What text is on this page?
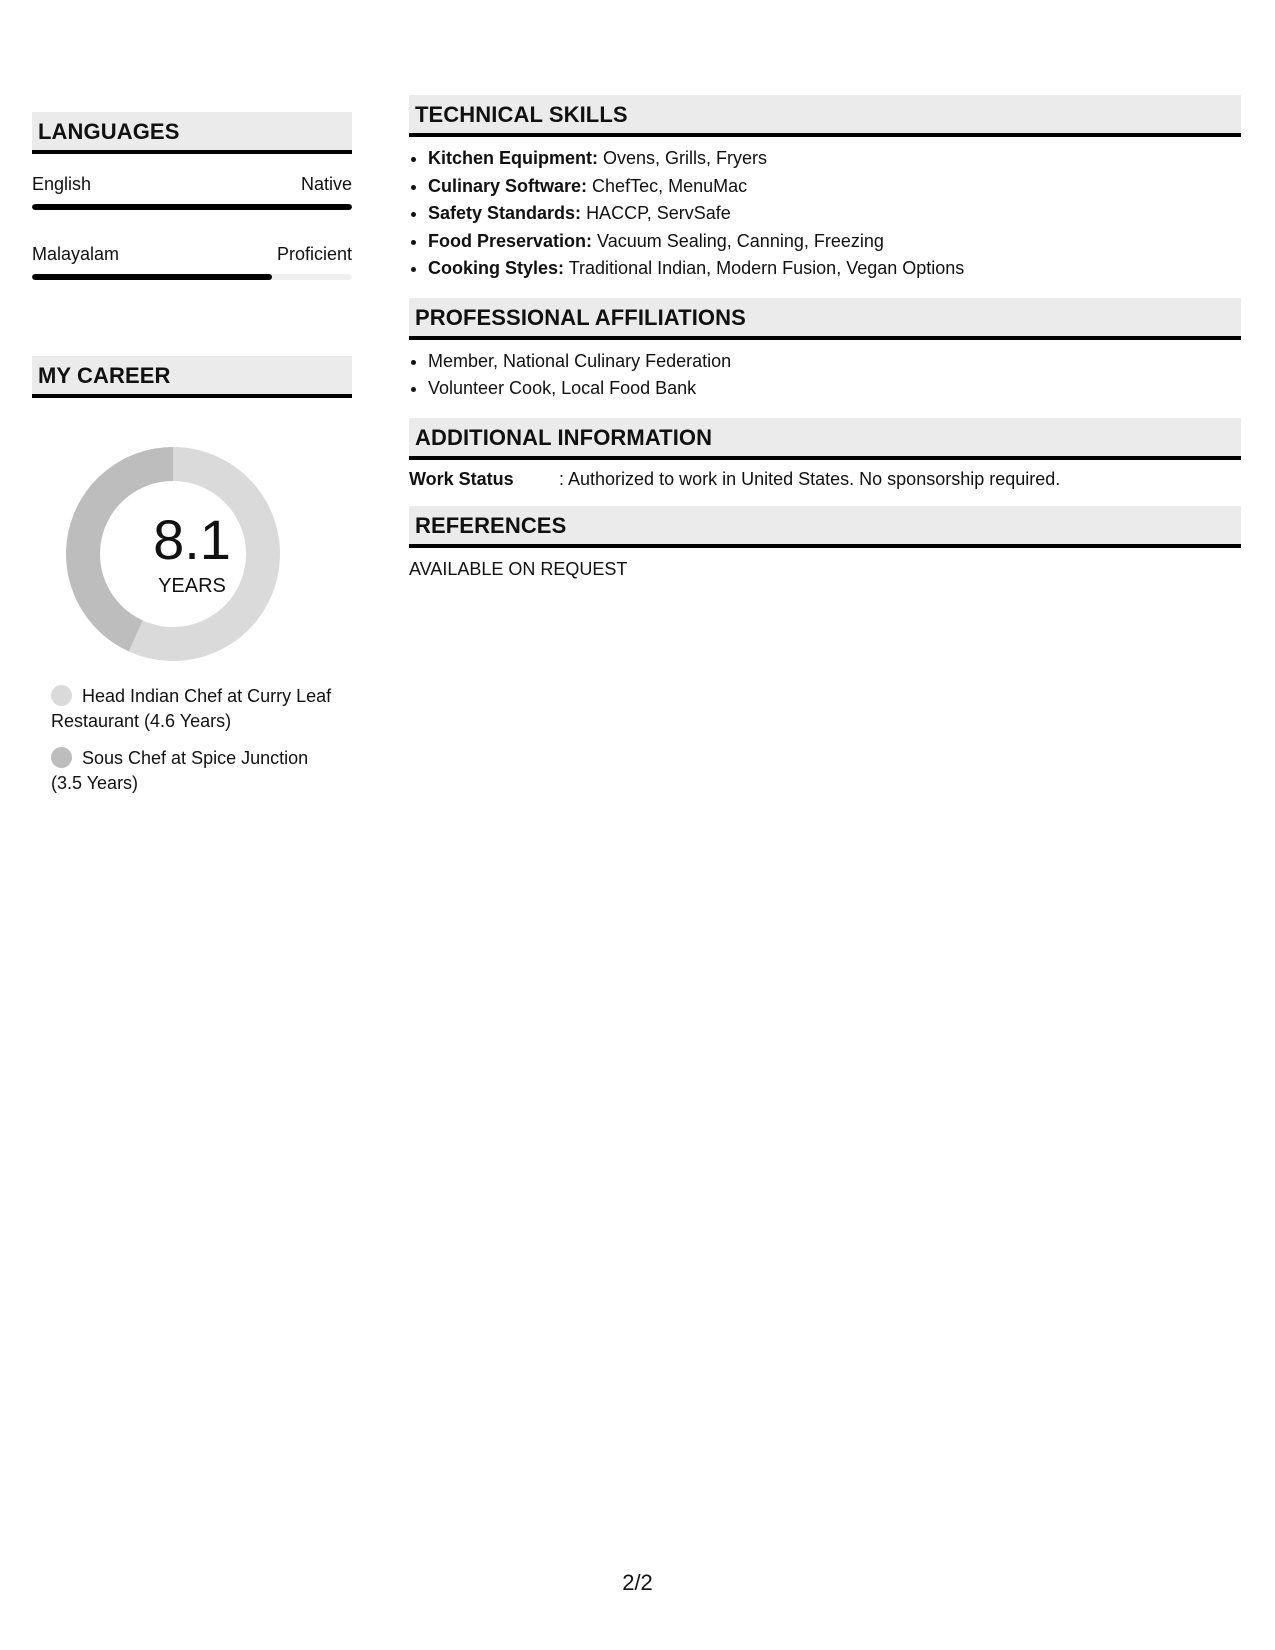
LANGUAGES
English	Native
Malayalam	Proficient
MY CAREER
8.1
YEARS
Head Indian Chef at Curry Leaf Restaurant (4.6 Years)
Sous Chef at Spice Junction (3.5 Years)
TECHNICAL SKILLS
• Kitchen Equipment: Ovens, Grills, Fryers
• Culinary Software: ChefTec, MenuMac
• Safety Standards: HACCP, ServSafe
• Food Preservation: Vacuum Sealing, Canning, Freezing
• Cooking Styles: Traditional Indian, Modern Fusion, Vegan Options
PROFESSIONAL AFFILIATIONS
• Member, National Culinary Federation
• Volunteer Cook, Local Food Bank
ADDITIONAL INFORMATION
Work Status	: Authorized to work in United States. No sponsorship required.
REFERENCES
AVAILABLE ON REQUEST
2/2
